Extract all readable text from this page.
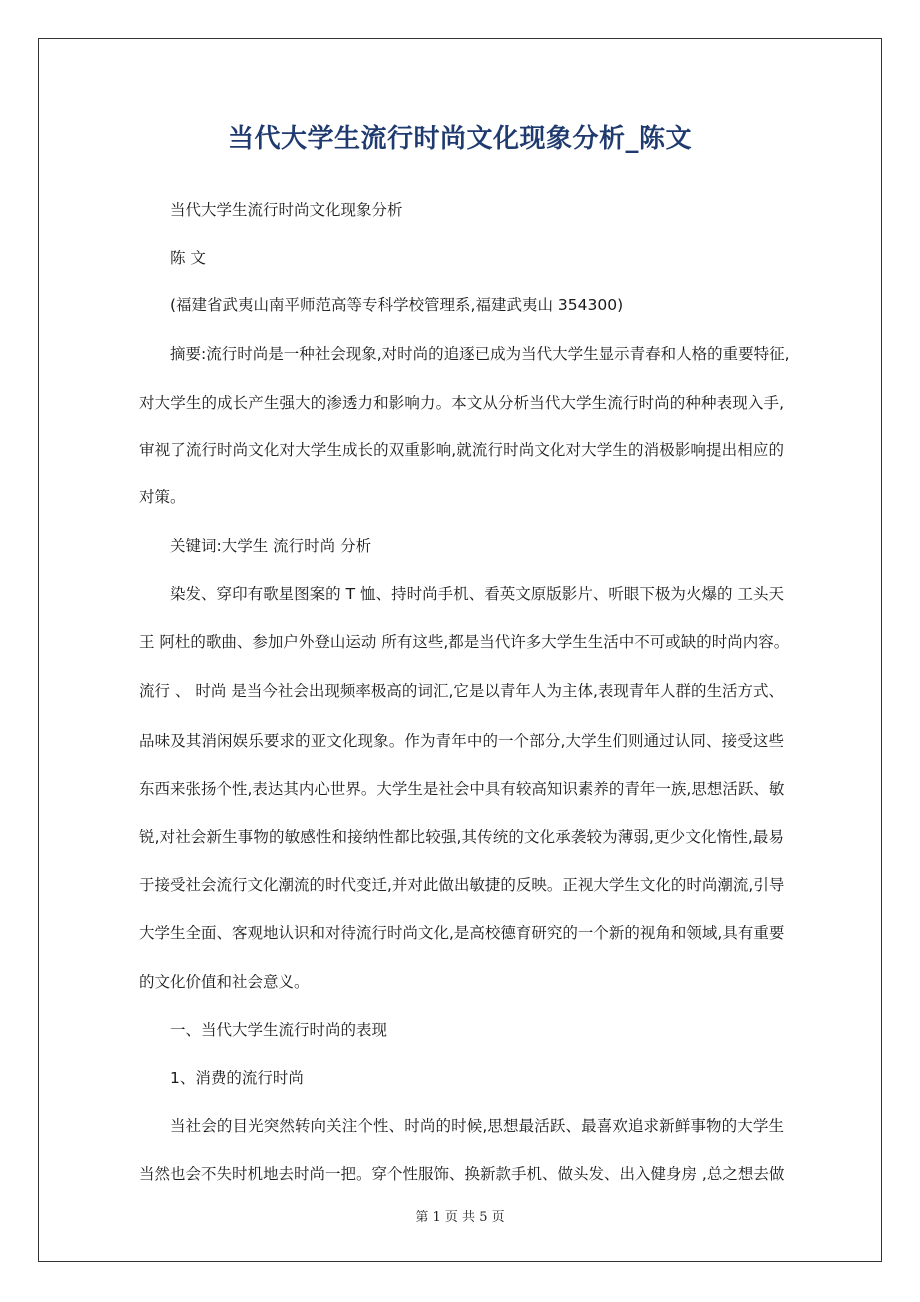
当代大学生流行时尚文化现象分析_陈文

当代大学生流行时尚文化现象分析

陈 文

(福建省武夷山南平师范高等专科学校管理系,福建武夷山 354300)

摘要:流行时尚是一种社会现象,对时尚的追逐已成为当代大学生显示青春和人格的重要特征,

对大学生的成长产生强大的渗透力和影响力。本文从分析当代大学生流行时尚的种种表现入手,

审视了流行时尚文化对大学生成长的双重影响,就流行时尚文化对大学生的消极影响提出相应的

对策。

关键词:大学生 流行时尚 分析

染发、穿印有歌星图案的 T 恤、持时尚手机、看英文原版影片、听眼下极为火爆的 工头天

王 阿杜的歌曲、参加户外登山运动 所有这些,都是当代许多大学生生活中不可或缺的时尚内容。

流行 、 时尚 是当今社会出现频率极高的词汇,它是以青年人为主体,表现青年人群的生活方式、

品味及其消闲娱乐要求的亚文化现象。作为青年中的一个部分,大学生们则通过认同、接受这些

东西来张扬个性,表达其内心世界。大学生是社会中具有较高知识素养的青年一族,思想活跃、敏

锐,对社会新生事物的敏感性和接纳性都比较强,其传统的文化承袭较为薄弱,更少文化惰性,最易

于接受社会流行文化潮流的时代变迁,并对此做出敏捷的反映。正视大学生文化的时尚潮流,引导

大学生全面、客观地认识和对待流行时尚文化,是高校德育研究的一个新的视角和领域,具有重要

的文化价值和社会意义。

一、当代大学生流行时尚的表现

1、消费的流行时尚

当社会的目光突然转向关注个性、时尚的时候,思想最活跃、最喜欢追求新鲜事物的大学生

当然也会不失时机地去时尚一把。穿个性服饰、换新款手机、做头发、出入健身房 ,总之想去做

第 1 页 共 5 页
